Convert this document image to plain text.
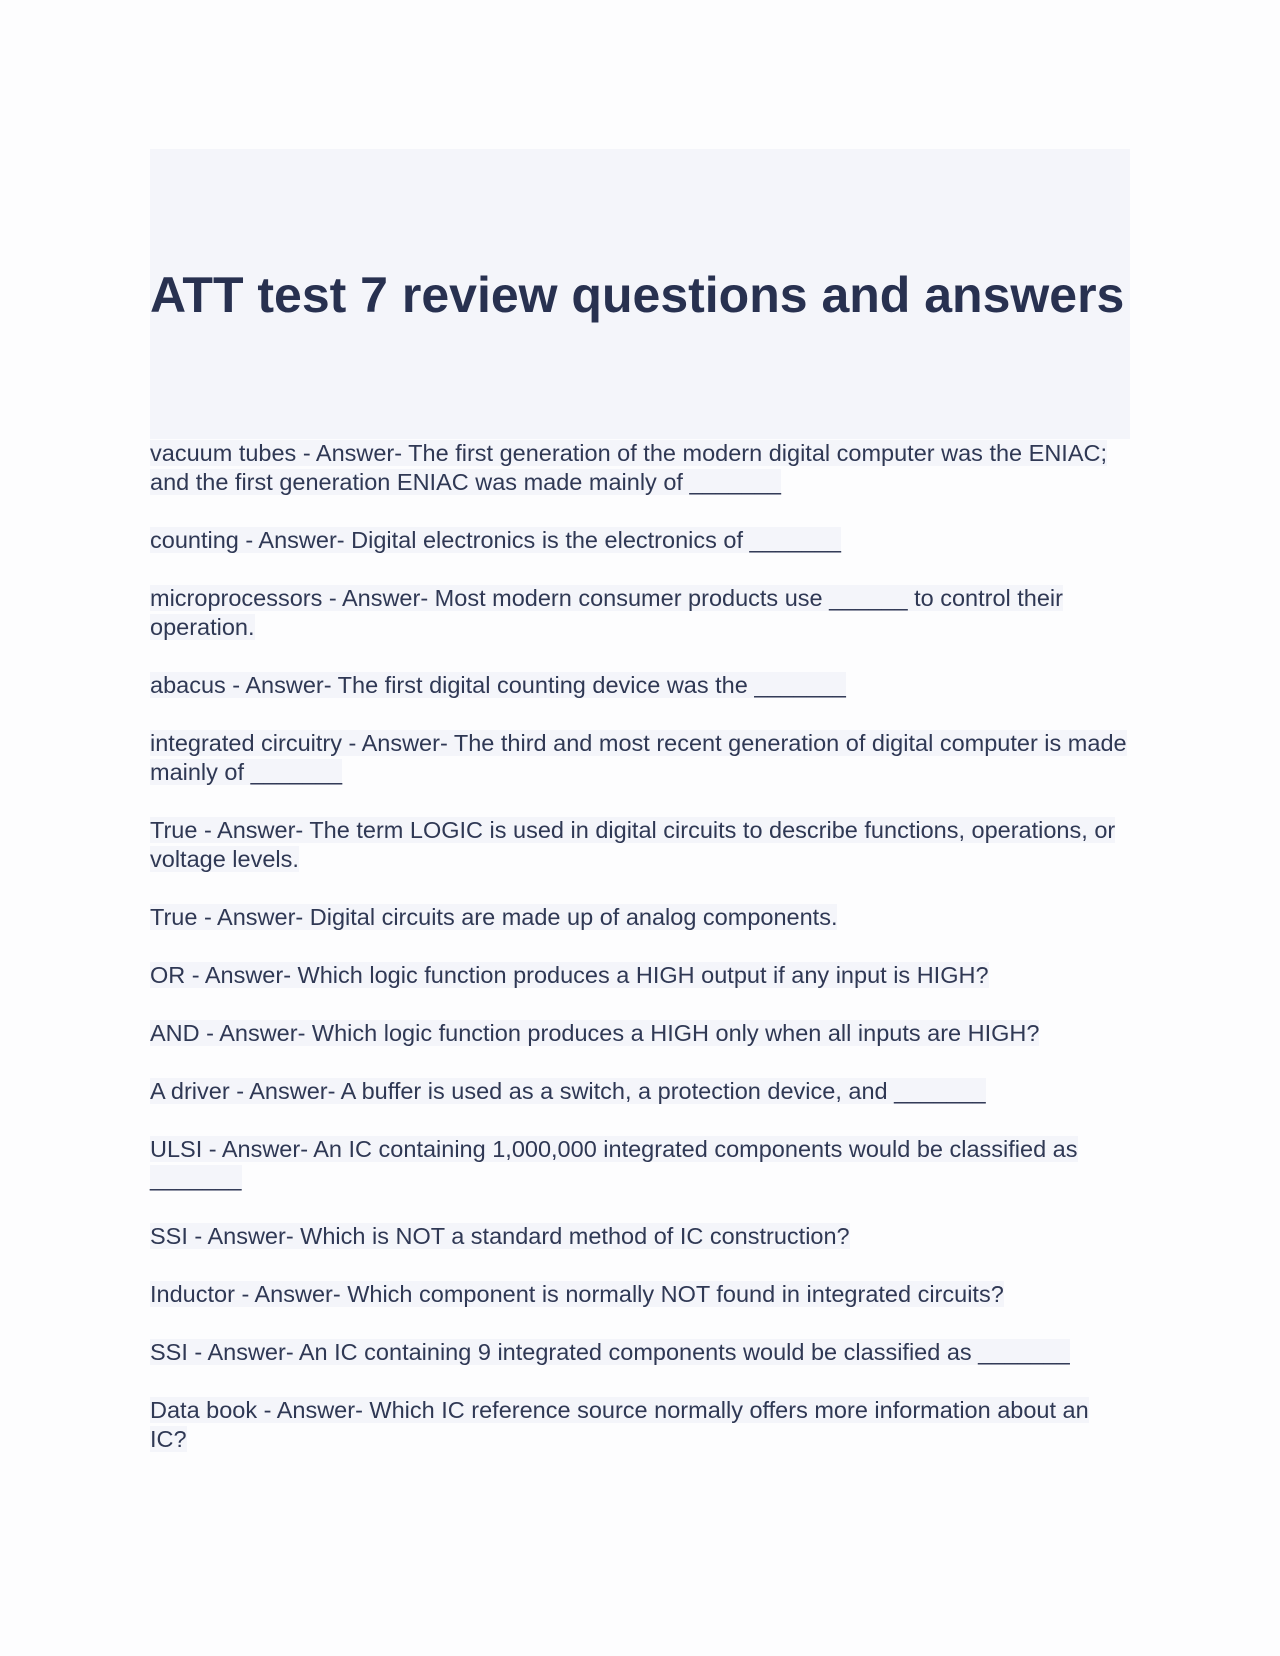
ATT test 7 review questions and answers
vacuum tubes - Answer- The first generation of the modern digital computer was the ENIAC; and the first generation ENIAC was made mainly of _______
counting - Answer- Digital electronics is the electronics of _______
microprocessors - Answer- Most modern consumer products use ______ to control their operation.
abacus - Answer- The first digital counting device was the _______
integrated circuitry - Answer- The third and most recent generation of digital computer is made mainly of _______
True - Answer- The term LOGIC is used in digital circuits to describe functions, operations, or voltage levels.
True - Answer- Digital circuits are made up of analog components.
OR - Answer- Which logic function produces a HIGH output if any input is HIGH?
AND - Answer- Which logic function produces a HIGH only when all inputs are HIGH?
A driver - Answer- A buffer is used as a switch, a protection device, and _______
ULSI - Answer- An IC containing 1,000,000 integrated components would be classified as _______
SSI - Answer- Which is NOT a standard method of IC construction?
Inductor - Answer- Which component is normally NOT found in integrated circuits?
SSI - Answer- An IC containing 9 integrated components would be classified as _______
Data book - Answer- Which IC reference source normally offers more information about an IC?
